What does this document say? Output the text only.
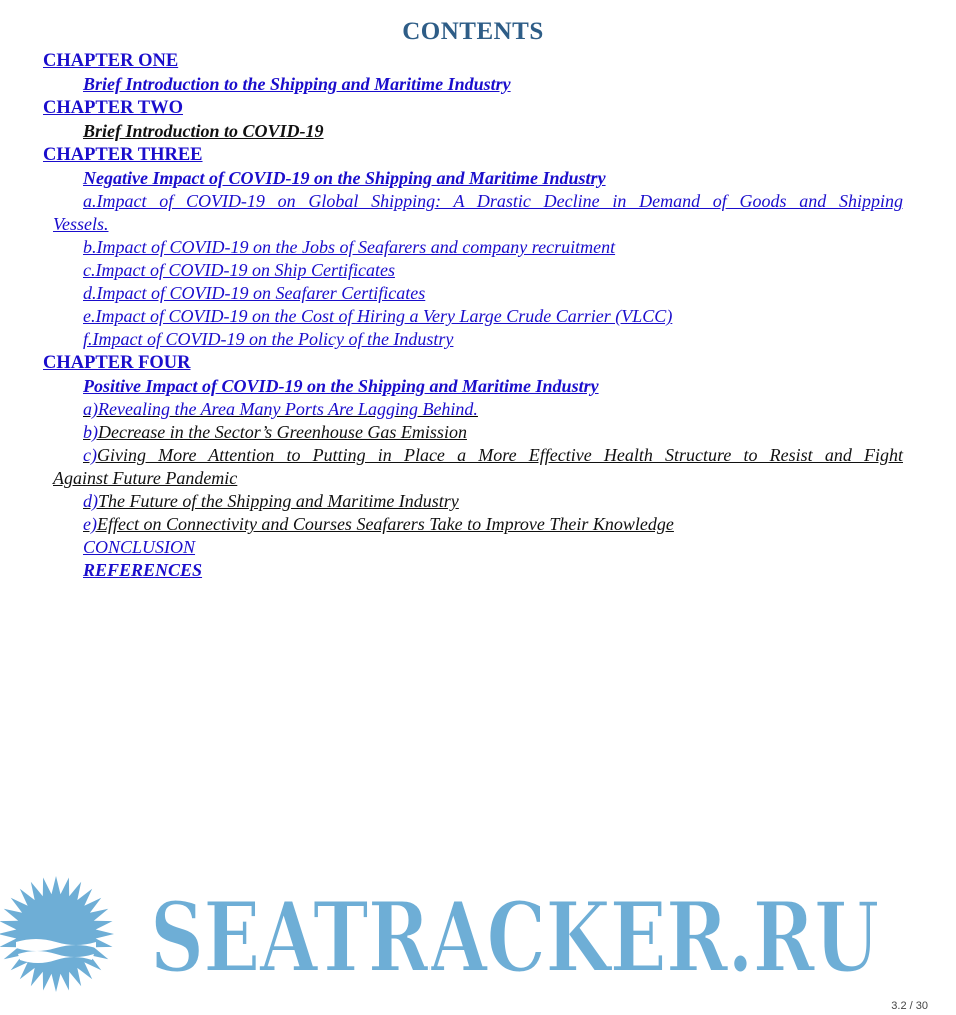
CONTENTS
CHAPTER ONE
Brief Introduction to the Shipping and Maritime Industry
CHAPTER TWO
Brief Introduction to COVID-19
CHAPTER THREE
Negative Impact of COVID-19 on the Shipping and Maritime Industry
a.Impact of COVID-19 on Global Shipping: A Drastic Decline in Demand of Goods and Shipping
Vessels.
b.Impact of COVID-19 on the Jobs of Seafarers and company recruitment
c.Impact of COVID-19 on Ship Certificates
d.Impact of COVID-19 on Seafarer Certificates
e.Impact of COVID-19 on the Cost of Hiring a Very Large Crude Carrier (VLCC)
f.Impact of COVID-19 on the Policy of the Industry
CHAPTER FOUR
Positive Impact of COVID-19 on the Shipping and Maritime Industry
a)Revealing the Area Many Ports Are Lagging Behind.
b)Decrease in the Sector’s Greenhouse Gas Emission
c)Giving More Attention to Putting in Place a More Effective Health Structure to Resist and Fight
Against Future Pandemic
d)The Future of the Shipping and Maritime Industry
e)Effect on Connectivity and Courses Seafarers Take to Improve Their Knowledge
CONCLUSION
REFERENCES
SEATRACKER.RU
3.2 / 30
